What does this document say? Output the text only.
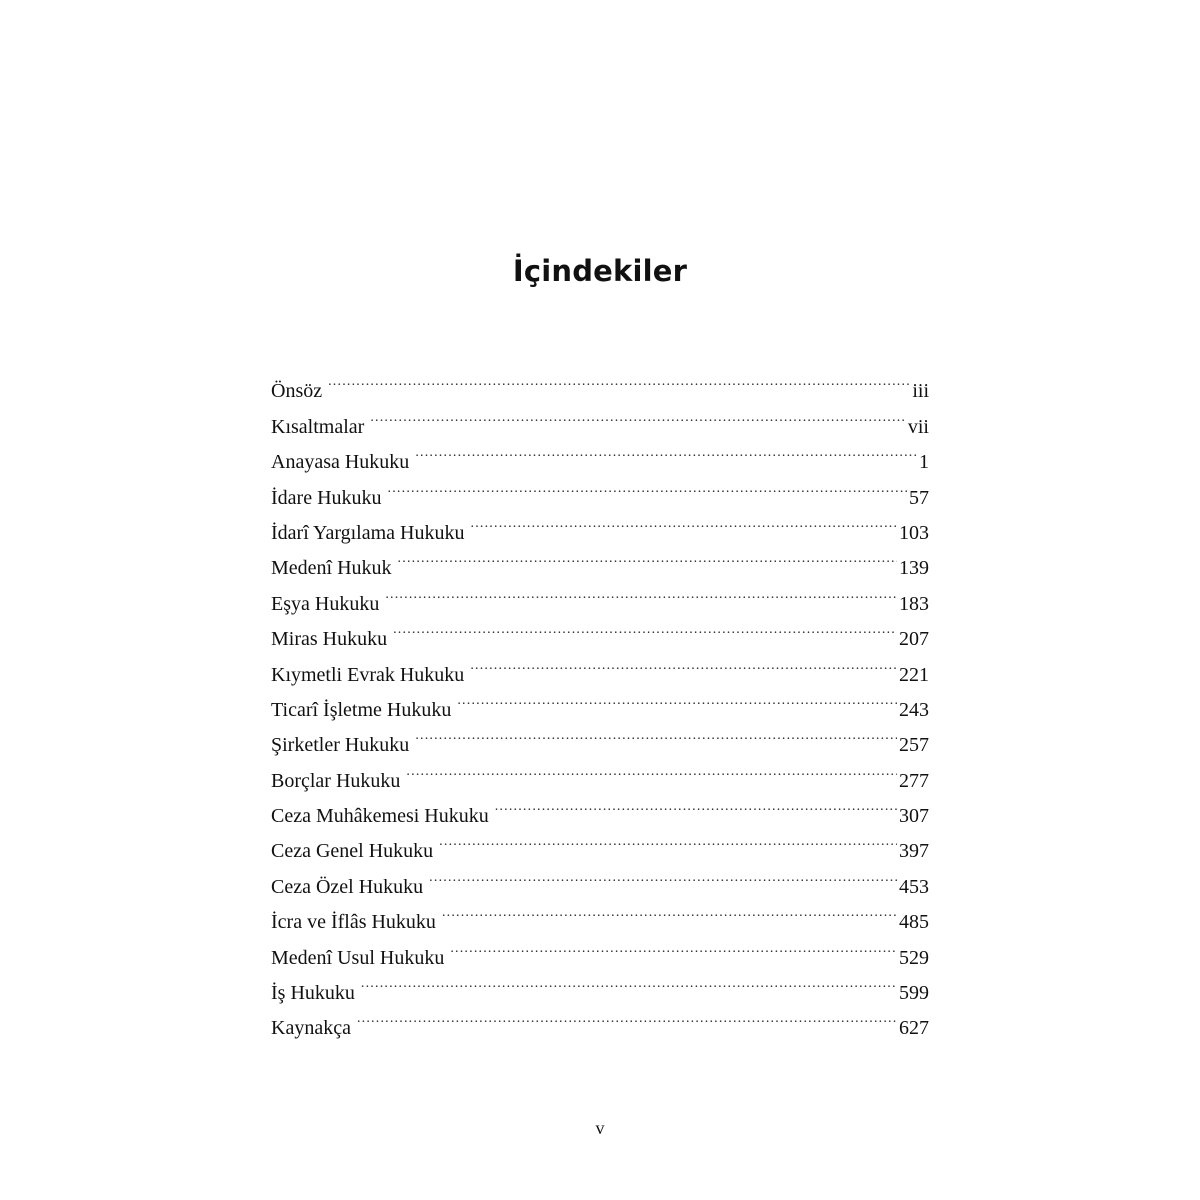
İçindekiler
Önsöz .....	iii
Kısaltmalar .....	vii
Anayasa Hukuku .....	1
İdare Hukuku .....	57
İdarî Yargılama Hukuku .....	103
Medenî Hukuk .....	139
Eşya Hukuku .....	183
Miras Hukuku .....	207
Kıymetli Evrak Hukuku .....	221
Ticarî İşletme Hukuku .....	243
Şirketler Hukuku .....	257
Borçlar Hukuku .....	277
Ceza Muhâkemesi Hukuku .....	307
Ceza Genel Hukuku .....	397
Ceza Özel Hukuku .....	453
İcra ve İflâs Hukuku .....	485
Medenî Usul Hukuku .....	529
İş Hukuku .....	599
Kaynakça .....	627
v
